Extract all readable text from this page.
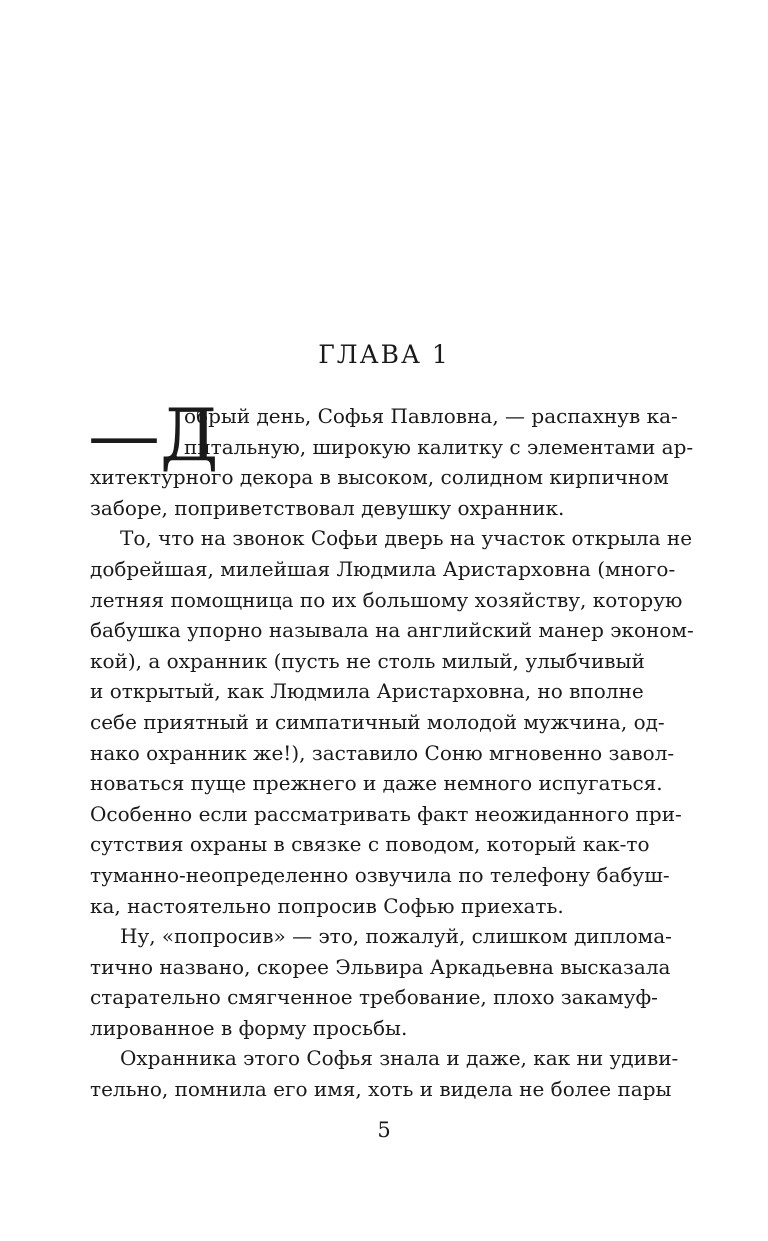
ГЛАВА 1
—Д
обрый день, Софья Павловна, — распахнув ка-
питальную, широкую калитку с элементами ар-
хитектурного декора в высоком, солидном кирпичном
заборе, поприветствовал девушку охранник.
То, что на звонок Софьи дверь на участок открыла не
добрейшая, милейшая Людмила Аристарховна (много-
летняя помощница по их большому хозяйству, которую
бабушка упорно называла на английский манер эконом-
кой), а охранник (пусть не столь милый, улыбчивый
и открытый, как Людмила Аристарховна, но вполне
себе приятный и симпатичный молодой мужчина, од-
нако охранник же!), заставило Соню мгновенно завол-
новаться пуще прежнего и даже немного испугаться.
Особенно если рассматривать факт неожиданного при-
сутствия охраны в связке с поводом, который как-то
туманно-неопределенно озвучила по телефону бабуш-
ка, настоятельно попросив Софью приехать.
Ну, «попросив» — это, пожалуй, слишком диплома-
тично названо, скорее Эльвира Аркадьевна высказала
старательно смягченное требование, плохо закамуф-
лированное в форму просьбы.
Охранника этого Софья знала и даже, как ни удиви-
тельно, помнила его имя, хоть и видела не более пары
5
